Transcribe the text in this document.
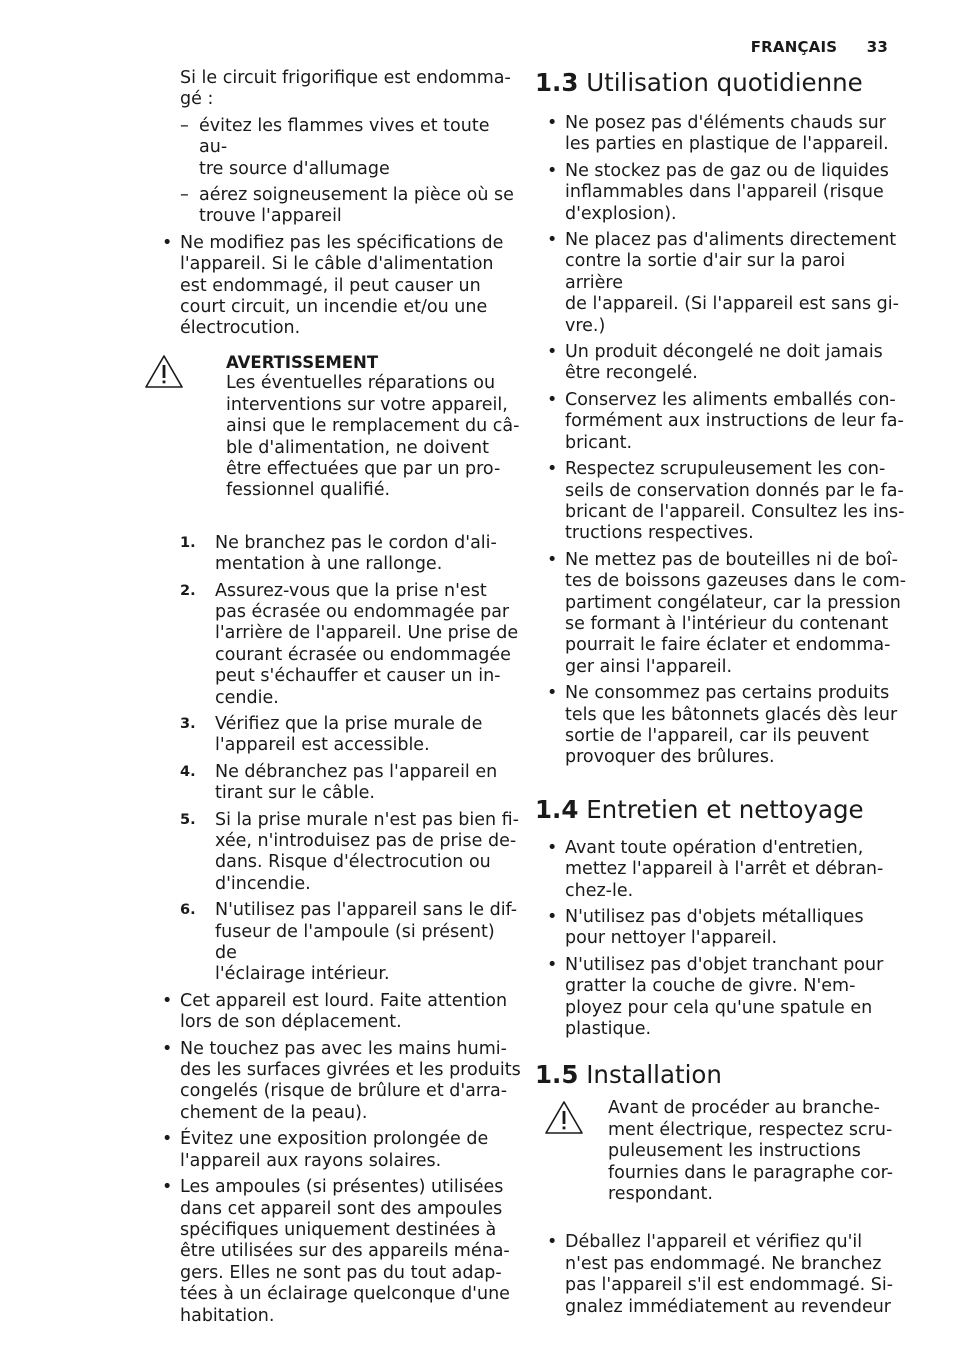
FRANÇAIS 33

Si le circuit frigorifique est endomma-
gé :

– évitez les flammes vives et toute au-
tre source d'allumage
– aérez soigneusement la pièce où se
trouve l'appareil
• Ne modifiez pas les spécifications de
l'appareil. Si le câble d'alimentation
est endommagé, il peut causer un
court circuit, un incendie et/ou une
électrocution.
AVERTISSEMENT
Les éventuelles réparations ou
interventions sur votre appareil,
ainsi que le remplacement du câ-
ble d'alimentation, ne doivent
être effectuées que par un pro-
fessionnel qualifié.
1. Ne branchez pas le cordon d'ali-
mentation à une rallonge.
2. Assurez-vous que la prise n'est
pas écrasée ou endommagée par
l'arrière de l'appareil. Une prise de
courant écrasée ou endommagée
peut s'échauffer et causer un in-
cendie.
3. Vérifiez que la prise murale de
l'appareil est accessible.
4. Ne débranchez pas l'appareil en
tirant sur le câble.
5. Si la prise murale n'est pas bien fi-
xée, n'introduisez pas de prise de-
dans. Risque d'électrocution ou
d'incendie.
6. N'utilisez pas l'appareil sans le dif-
fuseur de l'ampoule (si présent) de
l'éclairage intérieur.
• Cet appareil est lourd. Faite attention
lors de son déplacement.
• Ne touchez pas avec les mains humi-
des les surfaces givrées et les produits
congelés (risque de brûlure et d'arra-
chement de la peau).
• Évitez une exposition prolongée de
l'appareil aux rayons solaires.
• Les ampoules (si présentes) utilisées
dans cet appareil sont des ampoules
spécifiques uniquement destinées à
être utilisées sur des appareils ména-
gers. Elles ne sont pas du tout adap-
tées à un éclairage quelconque d'une
habitation.
1.3 Utilisation quotidienne
• Ne posez pas d'éléments chauds sur
les parties en plastique de l'appareil.
• Ne stockez pas de gaz ou de liquides
inflammables dans l'appareil (risque
d'explosion).
• Ne placez pas d'aliments directement
contre la sortie d'air sur la paroi arrière
de l'appareil. (Si l'appareil est sans gi-
vre.)
• Un produit décongelé ne doit jamais
être recongelé.
• Conservez les aliments emballés con-
formément aux instructions de leur fa-
bricant.
• Respectez scrupuleusement les con-
seils de conservation donnés par le fa-
bricant de l'appareil. Consultez les ins-
tructions respectives.
• Ne mettez pas de bouteilles ni de boî-
tes de boissons gazeuses dans le com-
partiment congélateur, car la pression
se formant à l'intérieur du contenant
pourrait le faire éclater et endomma-
ger ainsi l'appareil.
• Ne consommez pas certains produits
tels que les bâtonnets glacés dès leur
sortie de l'appareil, car ils peuvent
provoquer des brûlures.
1.4 Entretien et nettoyage
• Avant toute opération d'entretien,
mettez l'appareil à l'arrêt et débran-
chez-le.
• N'utilisez pas d'objets métalliques
pour nettoyer l'appareil.
• N'utilisez pas d'objet tranchant pour
gratter la couche de givre. N'em-
ployez pour cela qu'une spatule en
plastique.
1.5 Installation
Avant de procéder au branche-
ment électrique, respectez scru-
puleusement les instructions
fournies dans le paragraphe cor-
respondant.
• Déballez l'appareil et vérifiez qu'il
n'est pas endommagé. Ne branchez
pas l'appareil s'il est endommagé. Si-
gnalez immédiatement au revendeur
